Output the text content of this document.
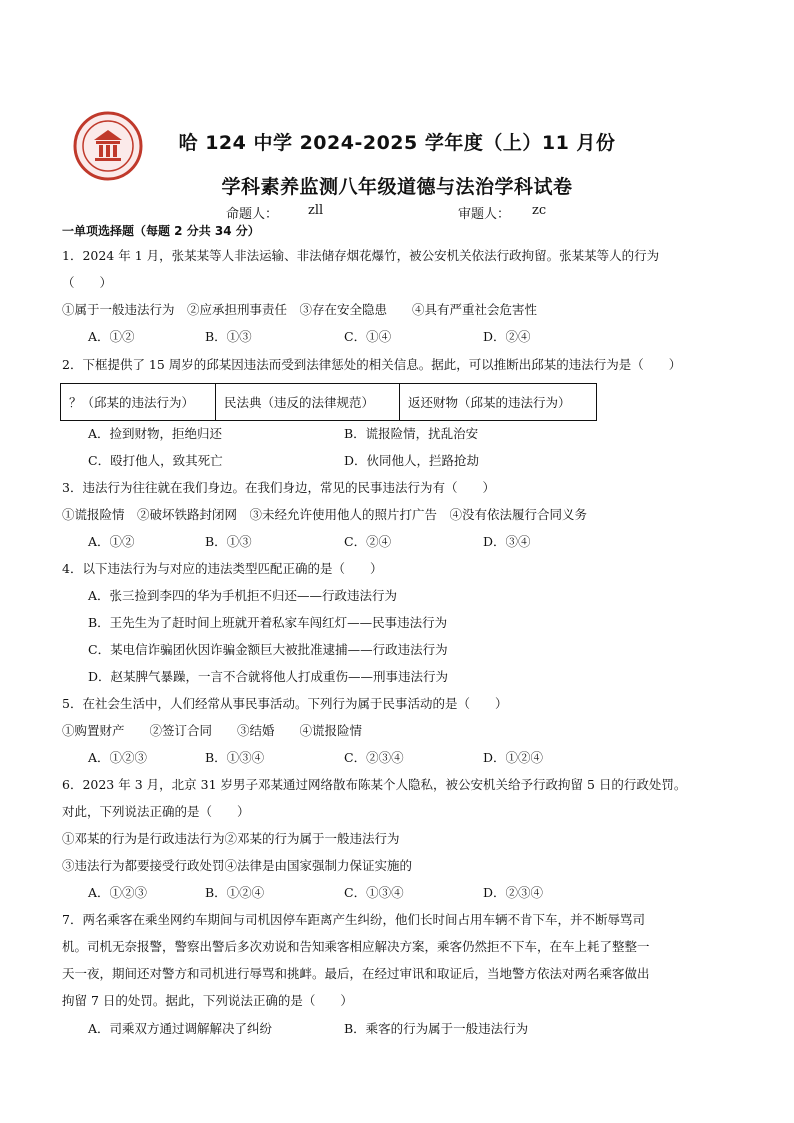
哈 124 中学 2024-2025 学年度（上）11 月份
学科素养监测八年级道德与法治学科试卷
命题人： zll	审题人： zc
一单项选择题（每题 2 分共 34 分）
1．2024 年 1 月，张某某等人非法运输、非法储存烟花爆竹，被公安机关依法行政拘留。张某某等人的行为
（　　）
①属于一般违法行为　②应承担刑事责任　③存在安全隐患　　④具有严重社会危害性
A．①②	B．①③	C．①④	D．②④
2．下框提供了 15 周岁的邱某因违法而受到法律惩处的相关信息。据此，可以推断出邱某的违法行为是（　　）
？（邱某的违法行为）	民法典（违反的法律规范）	返还财物（邱某的违法行为）
A．捡到财物，拒绝归还	B．谎报险情，扰乱治安
C．殴打他人，致其死亡	D．伙同他人，拦路抢劫
3．违法行为往往就在我们身边。在我们身边，常见的民事违法行为有（　　）
①谎报险情　②破坏铁路封闭网　③未经允许使用他人的照片打广告　④没有依法履行合同义务
A．①②	B．①③	C．②④	D．③④
4．以下违法行为与对应的违法类型匹配正确的是（　　）
A．张三捡到李四的华为手机拒不归还——行政违法行为
B．王先生为了赶时间上班就开着私家车闯红灯——民事违法行为
C．某电信诈骗团伙因诈骗金额巨大被批准逮捕——行政违法行为
D．赵某脾气暴躁，一言不合就将他人打成重伤——刑事违法行为
5．在社会生活中，人们经常从事民事活动。下列行为属于民事活动的是（　　）
①购置财产　　②签订合同　　③结婚　　④谎报险情
A．①②③	B．①③④	C．②③④	D．①②④
6．2023 年 3 月，北京 31 岁男子邓某通过网络散布陈某个人隐私，被公安机关给予行政拘留 5 日的行政处罚。
对此，下列说法正确的是（　　）
①邓某的行为是行政违法行为②邓某的行为属于一般违法行为
③违法行为都要接受行政处罚④法律是由国家强制力保证实施的
A．①②③	B．①②④	C．①③④	D．②③④
7．两名乘客在乘坐网约车期间与司机因停车距离产生纠纷，他们长时间占用车辆不肯下车，并不断辱骂司
机。司机无奈报警，警察出警后多次劝说和告知乘客相应解决方案，乘客仍然拒不下车，在车上耗了整整一
天一夜，期间还对警方和司机进行辱骂和挑衅。最后，在经过审讯和取证后，当地警方依法对两名乘客做出
拘留 7 日的处罚。据此，下列说法正确的是（　　）
A．司乘双方通过调解解决了纠纷	B．乘客的行为属于一般违法行为
